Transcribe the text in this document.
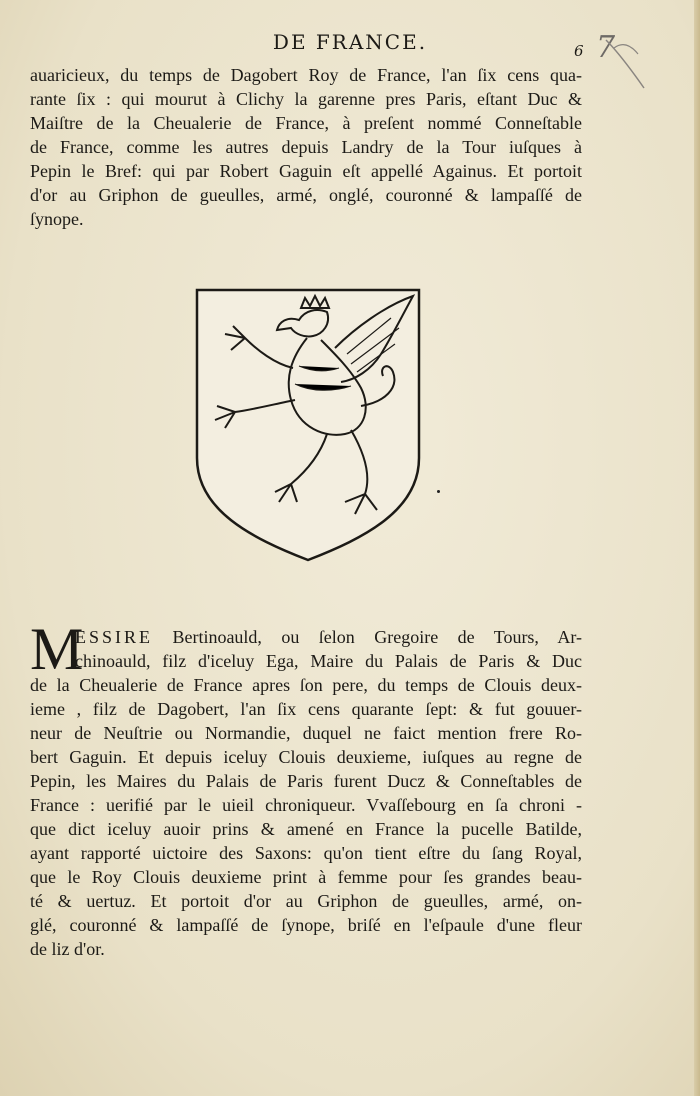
DE FRANCE.	6 7
auaricieux, du temps de Dagobert Roy de France, l'an ſix cens qua-
rante ſix : qui mourut à Clichy la garenne pres Paris, eſtant Duc &
Maiſtre de la Cheualerie de France, à preſent nommé Conneſtable
de France, comme les autres depuis Landry de la Tour iuſques à
Pepin le Bref: qui par Robert Gaguin eſt appellé Againus. Et portoit
d'or au Griphon de gueulles, armé, onglé, couronné & lampaſſé de
ſynope.
M
ESSIRE Bertinoauld, ou ſelon Gregoire de Tours, Ar-
chinoauld, filz d'iceluy Ega, Maire du Palais de Paris & Duc
de la Cheualerie de France apres ſon pere, du temps de Clouis deux-
ieme , filz de Dagobert, l'an ſix cens quarante ſept: & fut gouuer-
neur de Neuſtrie ou Normandie, duquel ne faict mention frere Ro-
bert Gaguin. Et depuis iceluy Clouis deuxieme, iuſques au regne de
Pepin, les Maires du Palais de Paris furent Ducz & Conneſtables de
France : uerifié par le uieil chroniqueur. Vvaſſebourg en ſa chroni -
que dict iceluy auoir prins & amené en France la pucelle Batilde,
ayant rapporté uictoire des Saxons: qu'on tient eſtre du ſang Royal,
que le Roy Clouis deuxieme print à femme pour ſes grandes beau-
té & uertuz. Et portoit d'or au Griphon de gueulles, armé, on-
glé, couronné & lampaſſé de ſynope, briſé en l'eſpaule d'une fleur
de liz d'or.
